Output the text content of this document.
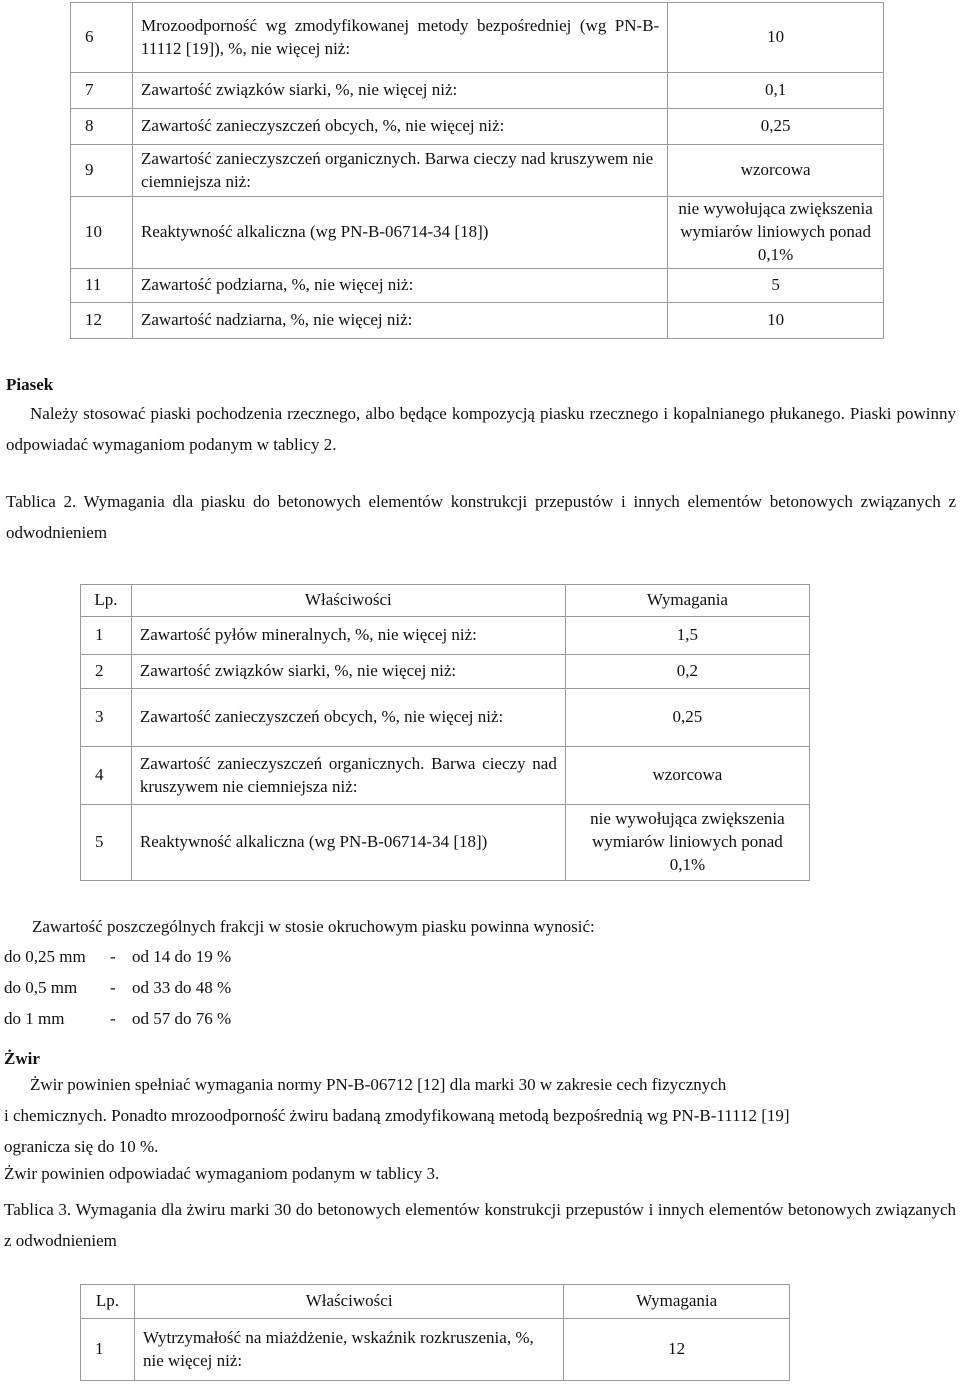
6	Mrozoodporność wg zmodyfikowanej metody bezpośredniej (wg PN-B-11112 [19]), %, nie więcej niż:	10
7	Zawartość związków siarki, %, nie więcej niż:	0,1
8	Zawartość zanieczyszczeń obcych, %, nie więcej niż:	0,25
9	Zawartość zanieczyszczeń organicznych. Barwa cieczy nad kruszywem nie ciemniejsza niż:	wzorcowa
10	Reaktywność alkaliczna (wg PN-B-06714-34 [18])	nie wywołująca zwiększenia wymiarów liniowych ponad 0,1%
11	Zawartość podziarna, %, nie więcej niż:	5
12	Zawartość nadziarna, %, nie więcej niż:	10
Piasek
Należy stosować piaski pochodzenia rzecznego, albo będące kompozycją piasku rzecznego i kopalnianego płukanego. Piaski powinny odpowiadać wymaganiom podanym w tablicy 2.
Tablica 2. Wymagania dla piasku do betonowych elementów konstrukcji przepustów i innych elementów betonowych związanych z odwodnieniem
Lp.	Właściwości	Wymagania
1	Zawartość pyłów mineralnych, %, nie więcej niż:	1,5
2	Zawartość związków siarki, %, nie więcej niż:	0,2
3	Zawartość zanieczyszczeń obcych, %, nie więcej niż:	0,25
4	Zawartość zanieczyszczeń organicznych. Barwa cieczy nad kruszywem nie ciemniejsza niż:	wzorcowa
5	Reaktywność alkaliczna (wg PN-B-06714-34 [18])	nie wywołująca zwiększenia wymiarów liniowych ponad 0,1%
Zawartość poszczególnych frakcji w stosie okruchowym piasku powinna wynosić:
do 0,25 mm - od 14 do 19 %
do 0,5 mm - od 33 do 48 %
do 1 mm	- od 57 do 76 %
Żwir
Żwir powinien spełniać wymagania normy PN-B-06712 [12] dla marki 30 w zakresie cech fizycznych
i chemicznych. Ponadto mrozoodporność żwiru badaną zmodyfikowaną metodą bezpośrednią wg PN-B-11112 [19]
ogranicza się do 10 %.
Żwir powinien odpowiadać wymaganiom podanym w tablicy 3.
Tablica 3. Wymagania dla żwiru marki 30 do betonowych elementów konstrukcji przepustów i innych elementów betonowych związanych z odwodnieniem
Lp.	Właściwości	Wymagania
1	Wytrzymałość na miażdżenie, wskaźnik rozkruszenia, %, nie więcej niż:	12
